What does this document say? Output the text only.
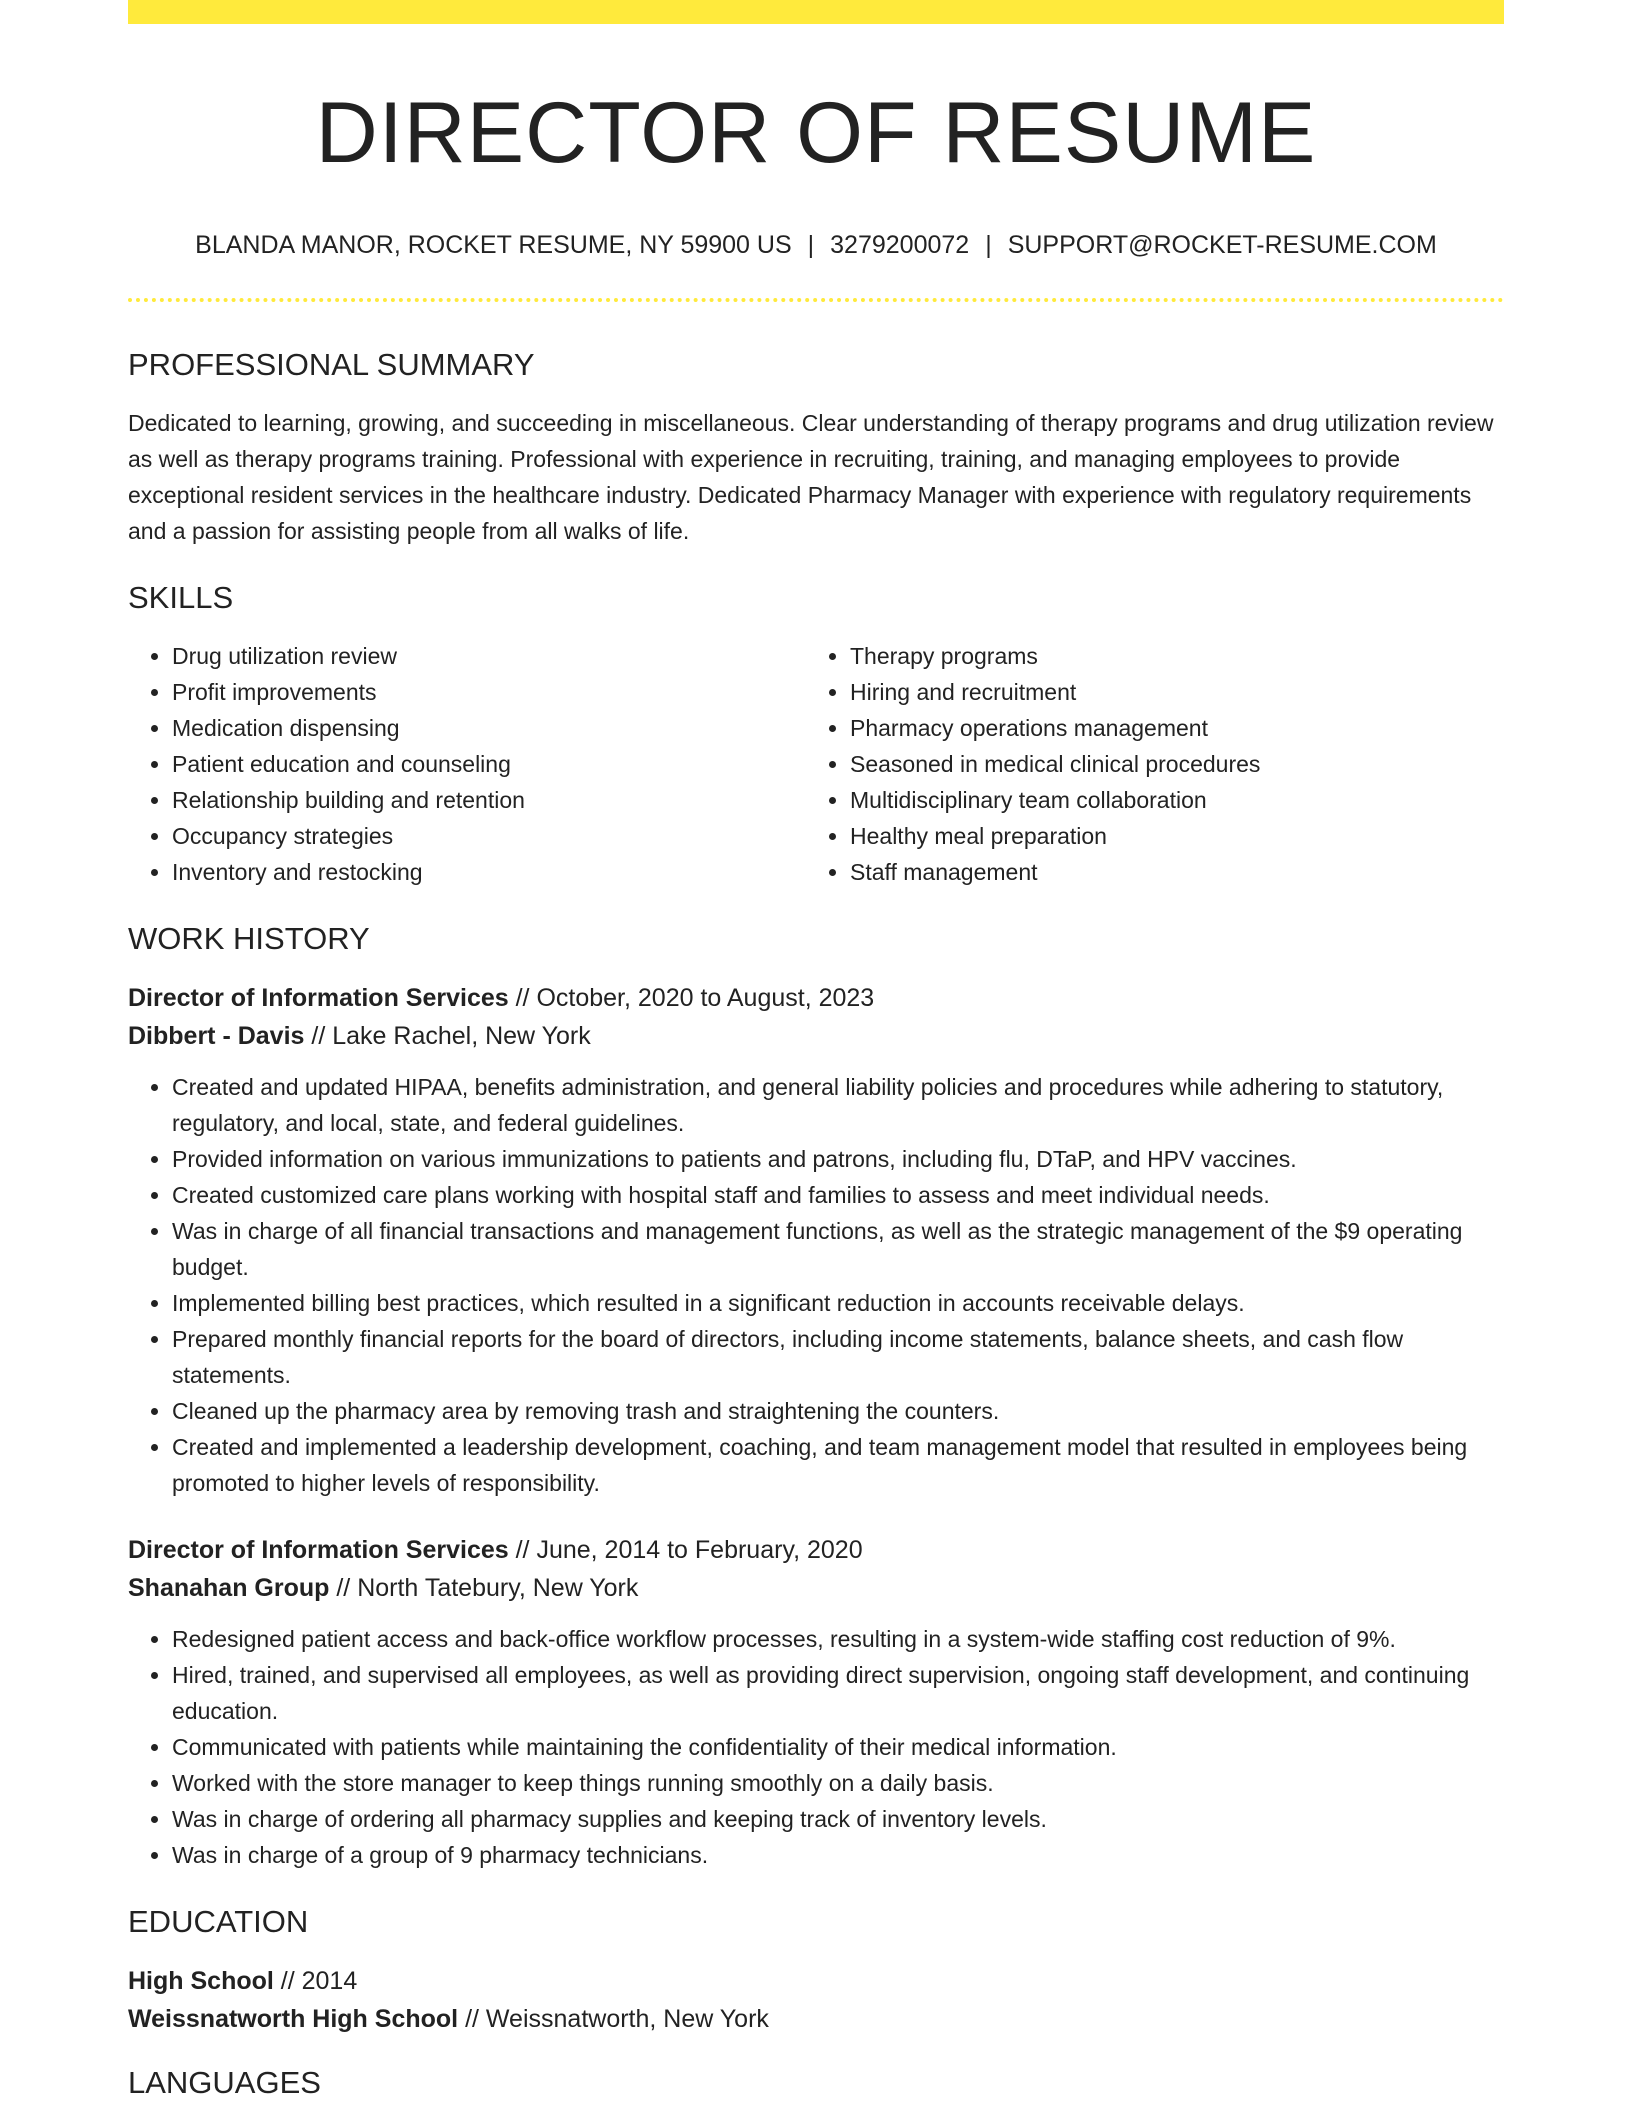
DIRECTOR OF RESUME
BLANDA MANOR, ROCKET RESUME, NY 59900 US | 3279200072 | SUPPORT@ROCKET-RESUME.COM
PROFESSIONAL SUMMARY

Dedicated to learning, growing, and succeeding in miscellaneous. Clear understanding of therapy programs and drug utilization review as well as therapy programs training. Professional with experience in recruiting, training, and managing employees to provide exceptional resident services in the healthcare industry. Dedicated Pharmacy Manager with experience with regulatory requirements and a passion for assisting people from all walks of life.

SKILLS
• Drug utilization review
• Profit improvements
• Medication dispensing
• Patient education and counseling
• Relationship building and retention
• Occupancy strategies
• Inventory and restocking
• Therapy programs
• Hiring and recruitment
• Pharmacy operations management
• Seasoned in medical clinical procedures
• Multidisciplinary team collaboration
• Healthy meal preparation
• Staff management
WORK HISTORY
Director of Information Services // October, 2020 to August, 2023
Dibbert - Davis // Lake Rachel, New York
• Created and updated HIPAA, benefits administration, and general liability policies and procedures while adhering to statutory, regulatory, and local, state, and federal guidelines.
• Provided information on various immunizations to patients and patrons, including flu, DTaP, and HPV vaccines.
• Created customized care plans working with hospital staff and families to assess and meet individual needs.
• Was in charge of all financial transactions and management functions, as well as the strategic management of the $9 operating budget.
• Implemented billing best practices, which resulted in a significant reduction in accounts receivable delays.
• Prepared monthly financial reports for the board of directors, including income statements, balance sheets, and cash flow statements.
• Cleaned up the pharmacy area by removing trash and straightening the counters.
• Created and implemented a leadership development, coaching, and team management model that resulted in employees being promoted to higher levels of responsibility.
Director of Information Services // June, 2014 to February, 2020
Shanahan Group // North Tatebury, New York
• Redesigned patient access and back-office workflow processes, resulting in a system-wide staffing cost reduction of 9%.
• Hired, trained, and supervised all employees, as well as providing direct supervision, ongoing staff development, and continuing education.
• Communicated with patients while maintaining the confidentiality of their medical information.
• Worked with the store manager to keep things running smoothly on a daily basis.
• Was in charge of ordering all pharmacy supplies and keeping track of inventory levels.
• Was in charge of a group of 9 pharmacy technicians.
EDUCATION
High School // 2014
Weissnatworth High School // Weissnatworth, New York
LANGUAGES
